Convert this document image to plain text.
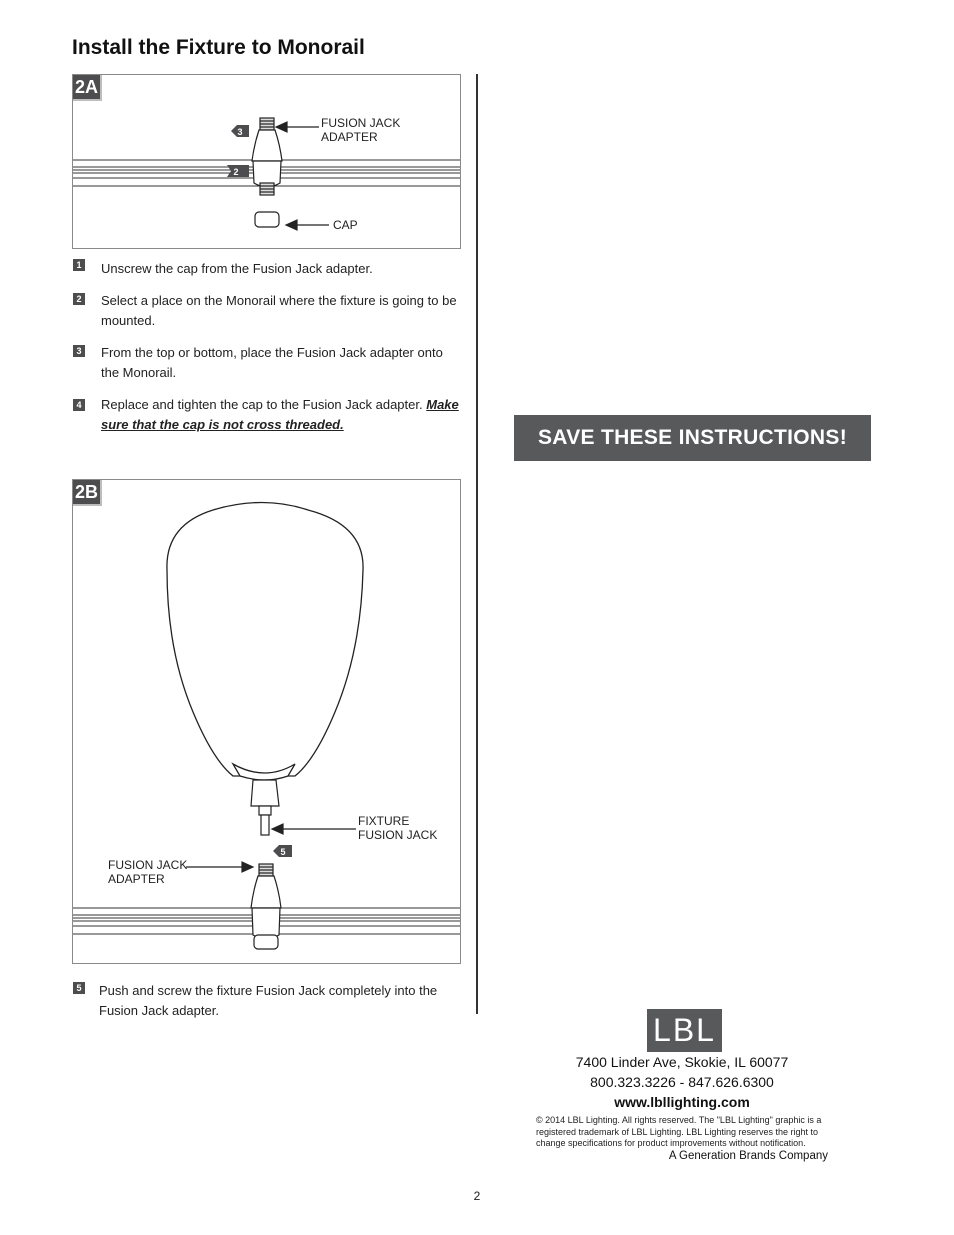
Install the Fixture to Monorail
2A
3
2
FUSION JACK
ADAPTER
CAP
1 Unscrew the cap from the Fusion Jack adapter.
2 Select a place on the Monorail where the fixture is going to be mounted.
3 From the top or bottom, place the Fusion Jack adapter onto the Monorail.
4 Replace and tighten the cap to the Fusion Jack adapter. Make sure that the cap is not cross threaded.
2B
5
FIXTURE
FUSION JACK
FUSION JACK
ADAPTER
5 Push and screw the fixture Fusion Jack completely into the Fusion Jack adapter.
SAVE THESE INSTRUCTIONS!
LBL
7400 Linder Ave, Skokie, IL 60077
800.323.3226 - 847.626.6300
www.lbllighting.com
© 2014 LBL Lighting. All rights reserved. The "LBL Lighting" graphic is a registered trademark of LBL Lighting. LBL Lighting reserves the right to change specifications for product improvements without notification.
A Generation Brands Company
2
